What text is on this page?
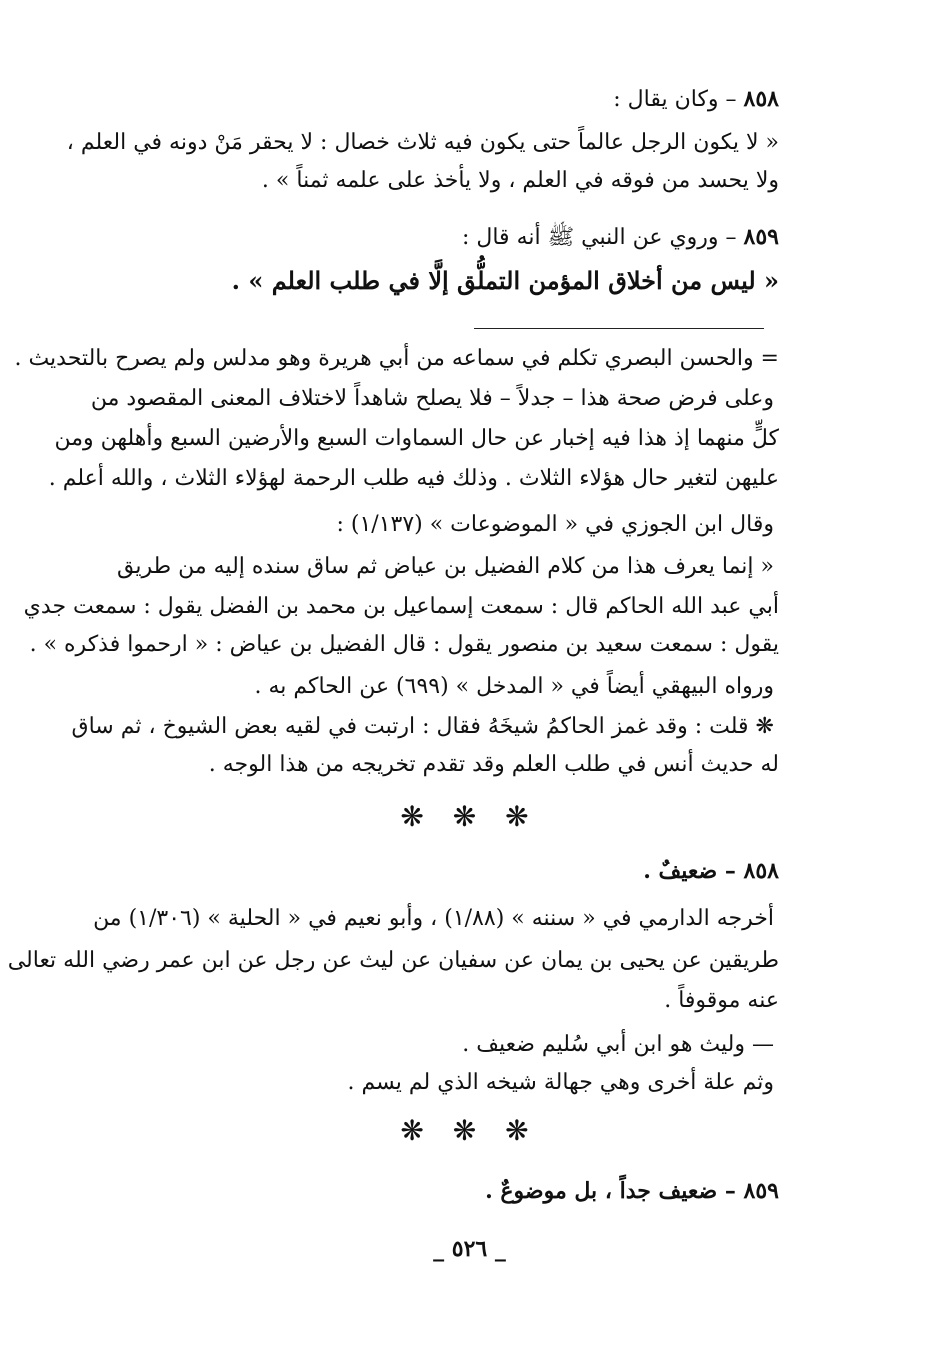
٨٥٨ – وكان يقال :
« لا يكون الرجل عالماً حتى يكون فيه ثلاث خصال : لا يحقر مَنْ دونه في العلم ،
ولا يحسد من فوقه في العلم ، ولا يأخذ على علمه ثمناً » .
٨٥٩ – وروي عن النبي ﷺ أنه قال :
« ليس من أخلاق المؤمن التملُّق إلَّا في طلب العلم » .
= والحسن البصري تكلم في سماعه من أبي هريرة وهو مدلس ولم يصرح بالتحديث .
وعلى فرض صحة هذا – جدلاً – فلا يصلح شاهداً لاختلاف المعنى المقصود من
كلٍّ منهما إذ هذا فيه إخبار عن حال السماوات السبع والأرضين السبع وأهلهن ومن
عليهن لتغير حال هؤلاء الثلاث . وذلك فيه طلب الرحمة لهؤلاء الثلاث ، والله أعلم .
وقال ابن الجوزي في « الموضوعات » (١/١٣٧) :
« إنما يعرف هذا من كلام الفضيل بن عياض ثم ساق سنده إليه من طريق
أبي عبد الله الحاكم قال : سمعت إسماعيل بن محمد بن الفضل يقول : سمعت جدي
يقول : سمعت سعيد بن منصور يقول : قال الفضيل بن عياض : « ارحموا فذكره » .
ورواه البيهقي أيضاً في « المدخل » (٦٩٩) عن الحاكم به .
❋ قلت : وقد غمز الحاكمُ شيخَهُ فقال : ارتبت في لقيه بعض الشيوخ ، ثم ساق
له حديث أنس في طلب العلم وقد تقدم تخريجه من هذا الوجه .
❋ ❋ ❋
٨٥٨ – ضعيفٌ .
أخرجه الدارمي في « سننه » (١/٨٨) ، وأبو نعيم في « الحلية » (١/٣٠٦) من
طريقين عن يحيى بن يمان عن سفيان عن ليث عن رجل عن ابن عمر رضي الله تعالى
عنه موقوفاً .
— وليث هو ابن أبي سُليم ضعيف .
وثم علة أخرى وهي جهالة شيخه الذي لم يسم .
❋ ❋ ❋
٨٥٩ – ضعيف جداً ، بل موضوعٌ .
_ ٥٢٦ _
